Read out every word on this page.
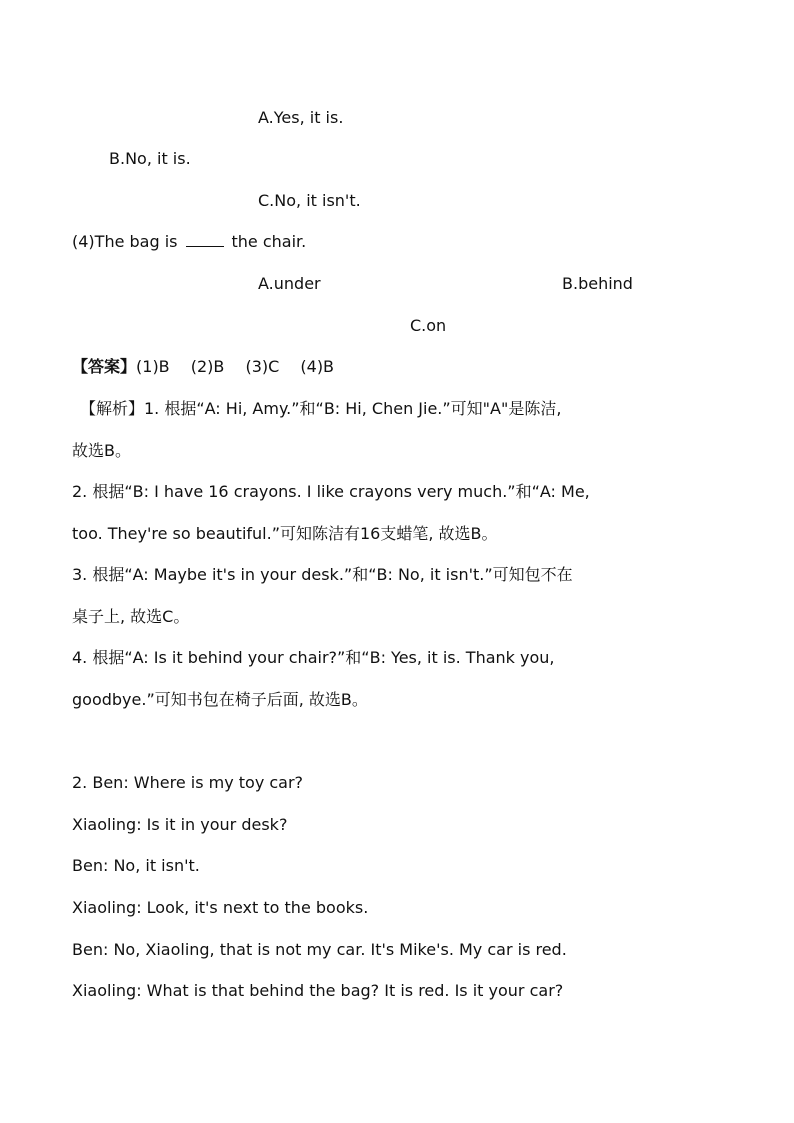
A.Yes, it is.
B.No, it is.
C.No, it isn't.
(4)The bag is	the chair.
A.under	B.behind
C.on
【答案】(1)B　 (2)B　 (3)C　 (4)B
【解析】1. 根据“A: Hi, Amy.”和“B: Hi, Chen Jie.”可知"A"是陈洁,
故选B。
2. 根据“B: I have 16 crayons. I like crayons very much.”和“A: Me,
too. They're so beautiful.”可知陈洁有16支蜡笔, 故选B。
3. 根据“A: Maybe it's in your desk.”和“B: No, it isn't.”可知包不在
桌子上, 故选C。
4. 根据“A: Is it behind your chair?”和“B: Yes, it is. Thank you,
goodbye.”可知书包在椅子后面, 故选B。
2. Ben: Where is my toy car?
Xiaoling: Is it in your desk?
Ben: No, it isn't.
Xiaoling: Look, it's next to the books.
Ben: No, Xiaoling, that is not my car. It's Mike's. My car is red.
Xiaoling: What is that behind the bag? It is red. Is it your car?
